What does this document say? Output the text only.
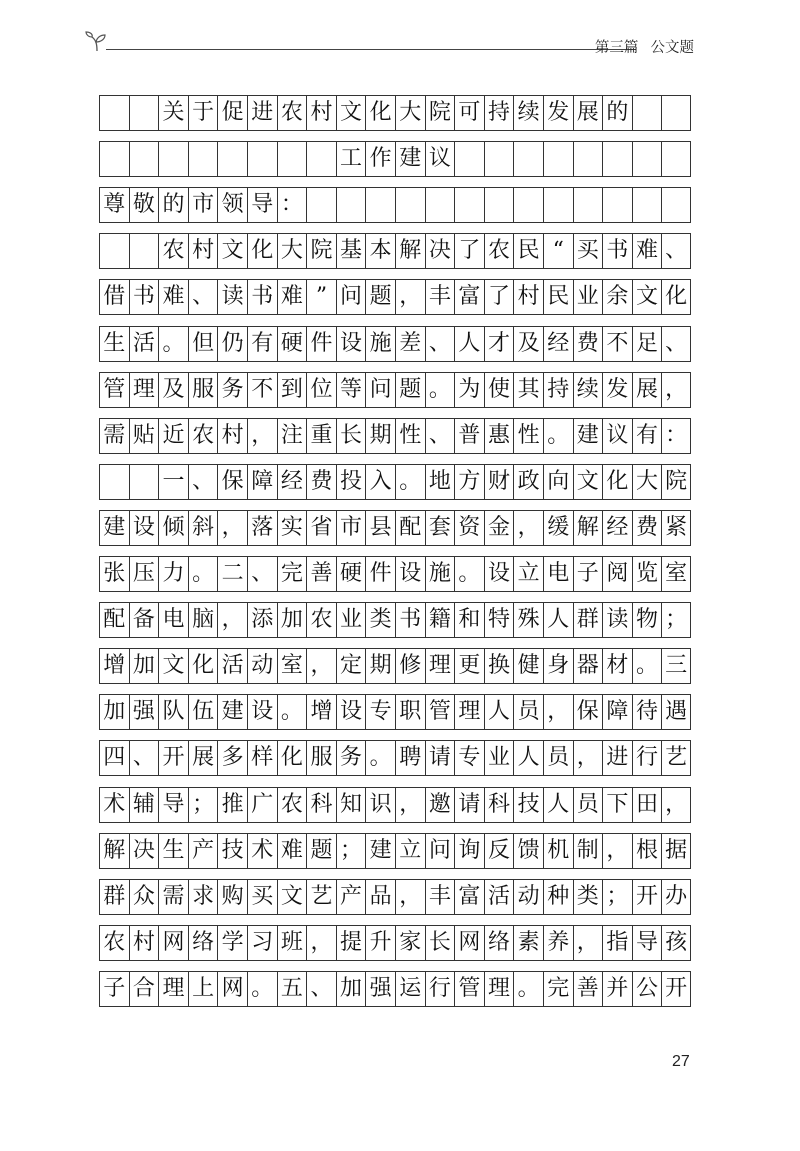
第三篇 公文题
关 于 促 进 农 村 文 化 大 院 可 持 续 发 展 的
工 作 建 议
尊 敬 的 市 领 导 ：
农 村 文 化 大 院 基 本 解 决 了 农 民 “ 买 书 难 、
借 书 难 、 读 书 难 ” 问 题 ， 丰 富 了 村 民 业 余 文 化
生 活 。 但 仍 有 硬 件 设 施 差 、 人 才 及 经 费 不 足 、
管 理 及 服 务 不 到 位 等 问 题 。 为 使 其 持 续 发 展 ，
需 贴 近 农 村 ， 注 重 长 期 性 、 普 惠 性 。 建 议 有 ：
一 、 保 障 经 费 投 入 。 地 方 财 政 向 文 化 大 院
建 设 倾 斜 ， 落 实 省 市 县 配 套 资 金 ， 缓 解 经 费 紧
张 压 力 。 二 、 完 善 硬 件 设 施 。 设 立 电 子 阅 览 室
配 备 电 脑 ， 添 加 农 业 类 书 籍 和 特 殊 人 群 读 物 ；
增 加 文 化 活 动 室 ， 定 期 修 理 更 换 健 身 器 材 。 三
加 强 队 伍 建 设 。 增 设 专 职 管 理 人 员 ， 保 障 待 遇
四 、 开 展 多 样 化 服 务 。 聘 请 专 业 人 员 ， 进 行 艺
术 辅 导 ； 推 广 农 科 知 识 ， 邀 请 科 技 人 员 下 田 ，
解 决 生 产 技 术 难 题 ； 建 立 问 询 反 馈 机 制 ， 根 据
群 众 需 求 购 买 文 艺 产 品 ， 丰 富 活 动 种 类 ； 开 办
农 村 网 络 学 习 班 ， 提 升 家 长 网 络 素 养 ， 指 导 孩
子 合 理 上 网 。 五 、 加 强 运 行 管 理 。 完 善 并 公 开
27
